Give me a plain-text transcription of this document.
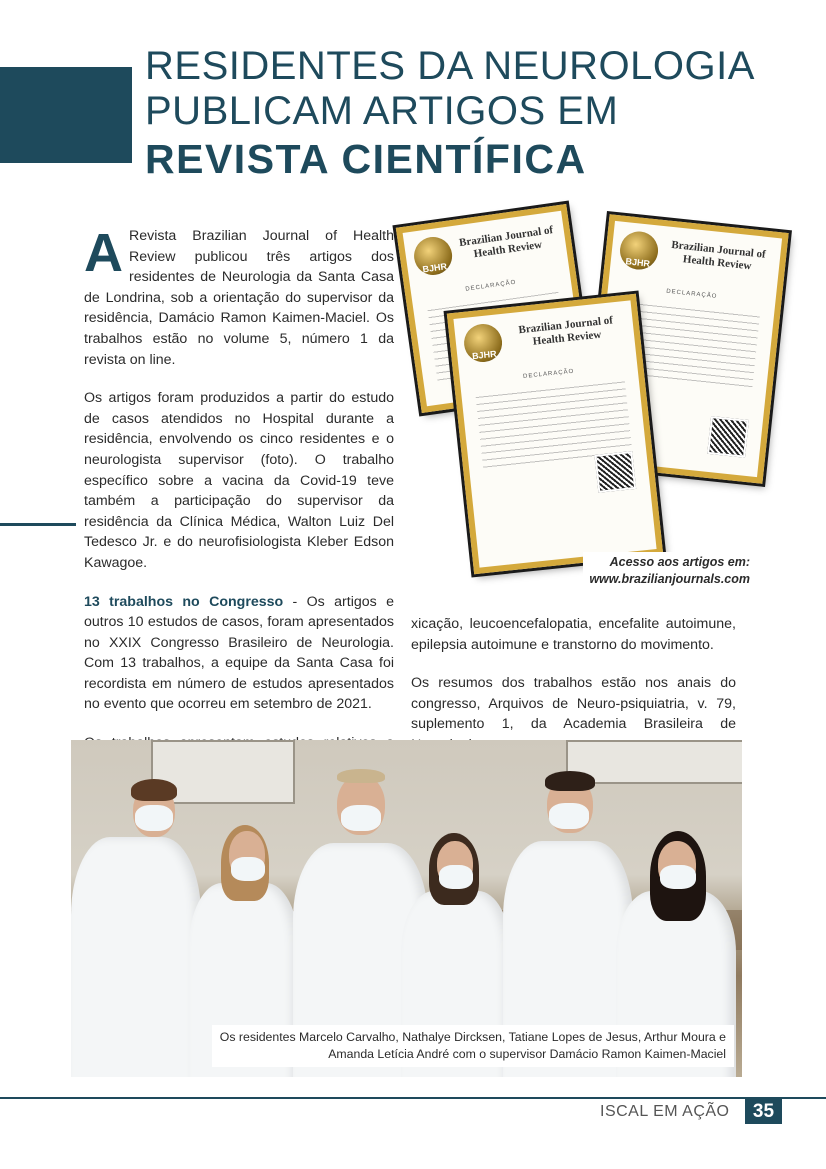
RESIDENTES DA NEUROLOGIA
PUBLICAM ARTIGOS EM
REVISTA CIENTÍFICA

A Revista Brazilian Journal of Health Review publicou três artigos dos residentes de Neurologia da Santa Casa de Londrina, sob a orientação do supervisor da residência, Damácio Ramon Kaimen-Maciel. Os trabalhos estão no volume 5, número 1 da revista on line.

Os artigos foram produzidos a partir do estudo de casos atendidos no Hospital durante a residência, envolvendo os cinco residentes e o neurologista supervisor (foto). O trabalho específico sobre a vacina da Covid-19 teve também a participação do supervisor da residência da Clínica Médica, Walton Luiz Del Tedesco Jr. e do neurofisiologista Kleber Edson Kawagoe.

13 trabalhos no Congresso - Os artigos e outros 10 estudos de casos, foram apresentados no XXIX Congresso Brasileiro de Neurologia. Com 13 trabalhos, a equipe da Santa Casa foi recordista em número de estudos apresentados no evento que ocorreu em setembro de 2021.

xicação, leucoencefalopatia, encefalite autoimune, epilepsia autoimune e transtorno do movimento.

Os resumos dos trabalhos estão nos anais do congresso, Arquivos de Neuro-psiquiatria, v. 79, suplemento 1, da Academia Brasileira de

BJHR
Brazilian Journal of Health Review
DECLARAÇÃO
BJHR
Brazilian Journal of Health Review
DECLARAÇÃO
BJHR
Brazilian Journal of Health Review
DECLARAÇÃO
Acesso aos artigos em:
www.brazilianjournals.com
Os residentes Marcelo Carvalho, Nathalye Dircksen, Tatiane Lopes de Jesus, Arthur Moura e
Amanda Letícia André com o supervisor Damácio Ramon Kaimen-Maciel
ISCAL EM AÇÃO	35
